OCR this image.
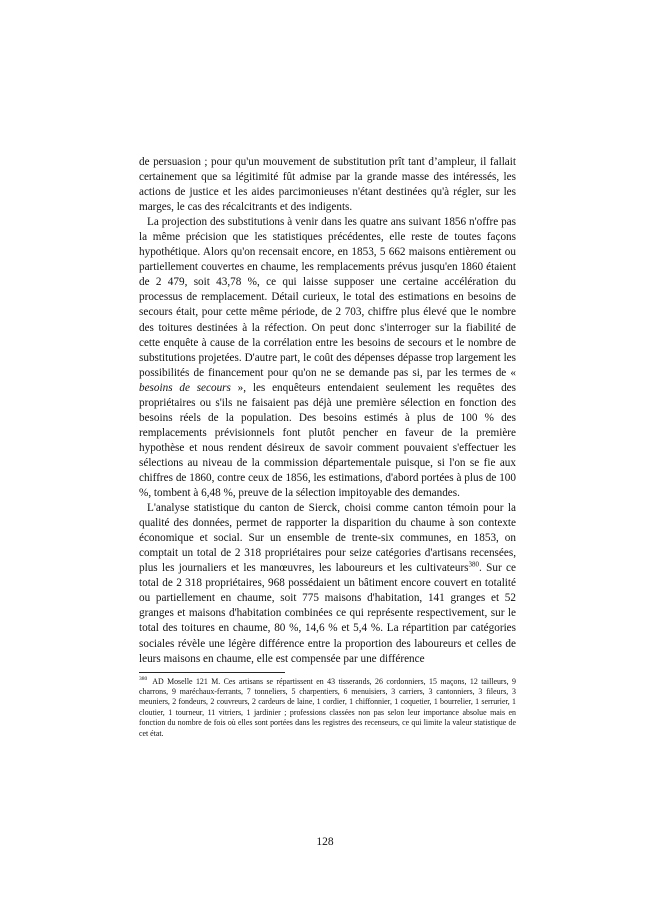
de persuasion ; pour qu'un mouvement de substitution prît tant d’ampleur, il fallait certainement que sa légitimité fût admise par la grande masse des intéressés, les actions de justice et les aides parcimonieuses n'étant destinées qu'à régler, sur les marges, le cas des récalcitrants et des indigents.

La projection des substitutions à venir dans les quatre ans suivant 1856 n'offre pas la même précision que les statistiques précédentes, elle reste de toutes façons hypothétique. Alors qu'on recensait encore, en 1853, 5 662 maisons entièrement ou partiellement couvertes en chaume, les remplacements prévus jusqu'en 1860 étaient de 2 479, soit 43,78 %, ce qui laisse supposer une certaine accélération du processus de remplacement. Détail curieux, le total des estimations en besoins de secours était, pour cette même période, de 2 703, chiffre plus élevé que le nombre des toitures destinées à la réfection. On peut donc s'interroger sur la fiabilité de cette enquête à cause de la corrélation entre les besoins de secours et le nombre de substitutions projetées. D'autre part, le coût des dépenses dépasse trop largement les possibilités de financement pour qu'on ne se demande pas si, par les termes de « besoins de secours », les enquêteurs entendaient seulement les requêtes des propriétaires ou s'ils ne faisaient pas déjà une première sélection en fonction des besoins réels de la population. Des besoins estimés à plus de 100 % des remplacements prévisionnels font plutôt pencher en faveur de la première hypothèse et nous rendent désireux de savoir comment pouvaient s'effectuer les sélections au niveau de la commission départementale puisque, si l'on se fie aux chiffres de 1860, contre ceux de 1856, les estimations, d'abord portées à plus de 100 %, tombent à 6,48 %, preuve de la sélection impitoyable des demandes.

L'analyse statistique du canton de Sierck, choisi comme canton témoin pour la qualité des données, permet de rapporter la disparition du chaume à son contexte économique et social. Sur un ensemble de trente-six communes, en 1853, on comptait un total de 2 318 propriétaires pour seize catégories d'artisans recensées, plus les journaliers et les manœuvres, les laboureurs et les cultivateurs$^{380}$. Sur ce total de 2 318 propriétaires, 968 possédaient un bâtiment encore couvert en totalité ou partiellement en chaume, soit 775 maisons d'habitation, 141 granges et 52 granges et maisons d'habitation combinées ce qui représente respectivement, sur le total des toitures en chaume, 80 %, 14,6 % et 5,4 %. La répartition par catégories sociales révèle une légère différence entre la proportion des laboureurs et celles de leurs maisons en chaume, elle est compensée par une différence

$^{380}$ AD Moselle 121 M. Ces artisans se répartissent en 43 tisserands, 26 cordonniers, 15 maçons, 12 tailleurs, 9 charrons, 9 maréchaux-ferrants, 7 tonneliers, 5 charpentiers, 6 menuisiers, 3 carriers, 3 cantonniers, 3 fileurs, 3 meuniers, 2 fondeurs, 2 couvreurs, 2 cardeurs de laine, 1 cordier, 1 chiffonnier, 1 coquetier, 1 bourrelier, 1 serrurier, 1 cloutier, 1 tourneur, 11 vitriers, 1 jardinier ; professions classées non pas selon leur importance absolue mais en fonction du nombre de fois où elles sont portées dans les registres des recenseurs, ce qui limite la valeur statistique de cet état.
128
